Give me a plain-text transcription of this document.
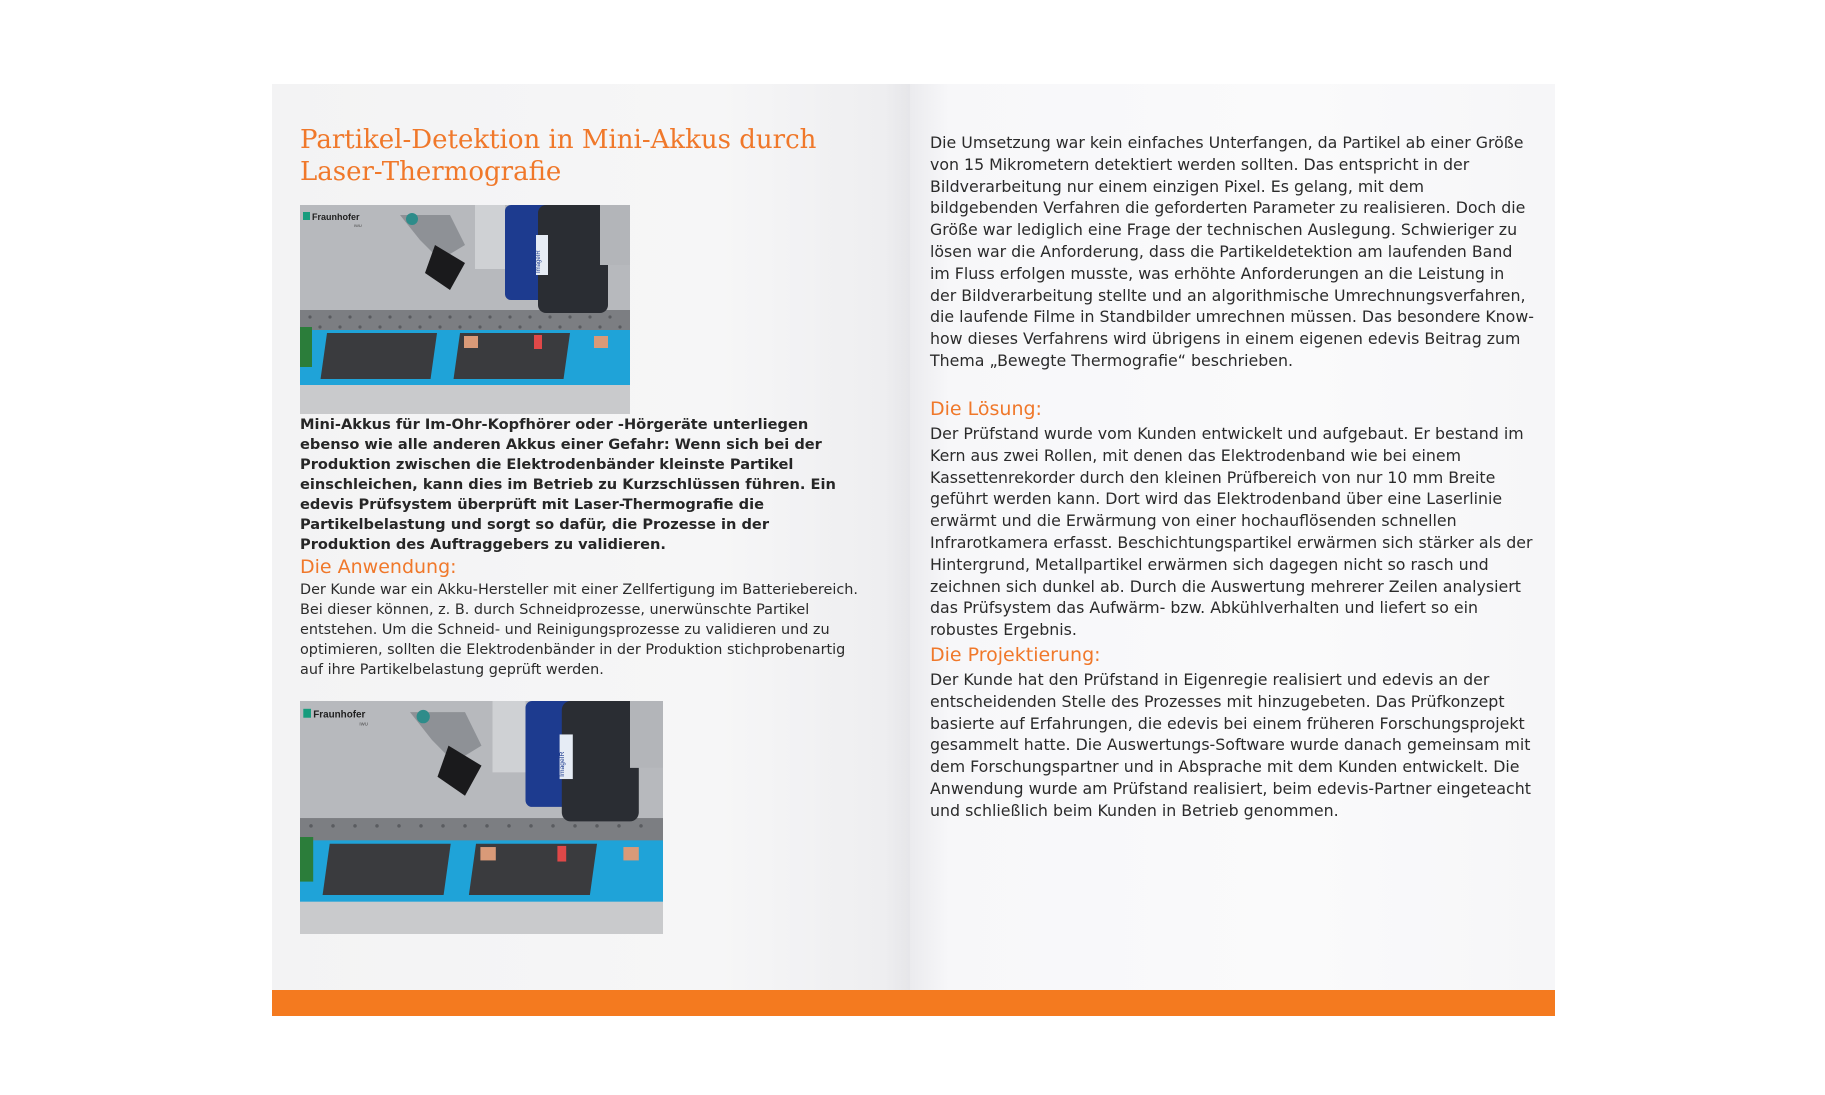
Partikel-Detektion in Mini-Akkus durch Laser-Thermografie
Fraunhofer
IWU
ImageIR
Mini-Akkus für Im-Ohr-Kopfhörer oder -Hörgeräte unterliegen ebenso wie alle anderen Akkus einer Gefahr: Wenn sich bei der Produktion zwischen die Elektrodenbänder kleinste Partikel einschleichen, kann dies im Betrieb zu Kurzschlüssen führen. Ein edevis Prüfsystem überprüft mit Laser-Thermografie die Partikelbelastung und sorgt so dafür, die Prozesse in der Produktion des Auftraggebers zu validieren.
Die Anwendung:
Der Kunde war ein Akku-Hersteller mit einer Zellfertigung im Batteriebereich. Bei dieser können, z. B. durch Schneidprozesse, unerwünschte Partikel entstehen. Um die Schneid- und Reinigungsprozesse zu validieren und zu optimieren, sollten die Elektrodenbänder in der Produktion stichprobenartig auf ihre Partikelbelastung geprüft werden.
Fraunhofer
IWU
ImageIR
Die Umsetzung war kein einfaches Unterfangen, da Partikel ab einer Größe von 15 Mikrometern detektiert werden sollten. Das entspricht in der Bildverarbeitung nur einem einzigen Pixel. Es gelang, mit dem bildgebenden Verfahren die geforderten Parameter zu realisieren. Doch die Größe war lediglich eine Frage der technischen Auslegung. Schwieriger zu lösen war die Anforderung, dass die Partikeldetektion am laufenden Band im Fluss erfolgen musste, was erhöhte Anforderungen an die Leistung in der Bildverarbeitung stellte und an algorithmische Umrechnungsverfahren, die laufende Filme in Standbilder umrechnen müssen. Das besondere Know-how dieses Verfahrens wird übrigens in einem eigenen edevis Beitrag zum Thema „Bewegte Thermografie“ beschrieben.
Die Lösung:
Der Prüfstand wurde vom Kunden entwickelt und aufgebaut. Er bestand im Kern aus zwei Rollen, mit denen das Elektrodenband wie bei einem Kassettenrekorder durch den kleinen Prüfbereich von nur 10 mm Breite geführt werden kann. Dort wird das Elektrodenband über eine Laserlinie erwärmt und die Erwärmung von einer hochauflösenden schnellen Infrarotkamera erfasst. Beschichtungspartikel erwärmen sich stärker als der Hintergrund, Metallpartikel erwärmen sich dagegen nicht so rasch und zeichnen sich dunkel ab. Durch die Auswertung mehrerer Zeilen analysiert das Prüfsystem das Aufwärm- bzw. Abkühlverhalten und liefert so ein robustes Ergebnis.
Die Projektierung:
Der Kunde hat den Prüfstand in Eigenregie realisiert und edevis an der entscheidenden Stelle des Prozesses mit hinzugebeten. Das Prüfkonzept basierte auf Erfahrungen, die edevis bei einem früheren Forschungsprojekt gesammelt hatte. Die Auswertungs-Software wurde danach gemeinsam mit dem Forschungspartner und in Absprache mit dem Kunden entwickelt. Die Anwendung wurde am Prüfstand realisiert, beim edevis-Partner eingeteacht und schließlich beim Kunden in Betrieb genommen.
